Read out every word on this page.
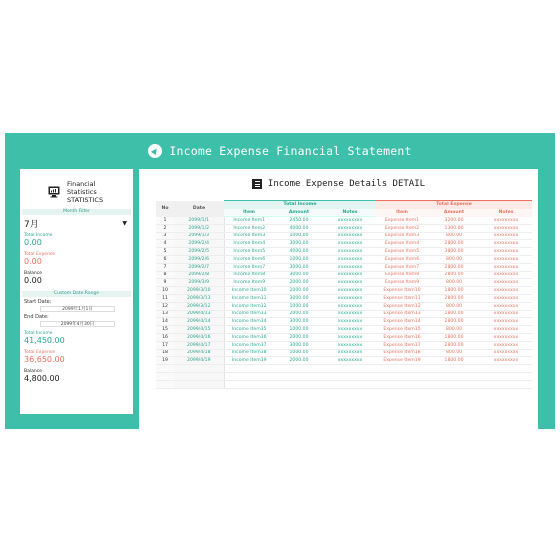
Income Expense Financial Statement
Financial
Statistics
STATISTICS
Month Filter
7月	▼
Total Income
0.00
Total Expense
0.00
Balance
0.00
Custom Date Range
Start Date:
2099年1月1日
End Date:
2099年4月30日
Total Income
41,450.00
Total Expense
36,650.00
Balance
4,800.00
Income Expense Details DETAIL
No	Date	Total Income			Total Expense		
		Item	Amount	Notes	Item	Amount	Notes
1	2099/1/1	Income Item1	2450.00	xxxxxxxxx	Expense Item1	3200.00	xxxxxxxxx
2	2099/1/2	Income Item2	4000.00	xxxxxxxxx	Expense Item2	1300.00	xxxxxxxxx
3	2099/1/3	Income Item3	1000.00	xxxxxxxxx	Expense Item3	800.00	xxxxxxxxx
4	2099/2/4	Income Item4	3000.00	xxxxxxxxx	Expense Item4	2800.00	xxxxxxxxx
5	2099/2/5	Income Item5	4000.00	xxxxxxxxx	Expense Item5	3800.00	xxxxxxxxx
6	2099/2/6	Income Item6	1000.00	xxxxxxxxx	Expense Item6	800.00	xxxxxxxxx
7	2099/2/7	Income Item7	3000.00	xxxxxxxxx	Expense Item7	2800.00	xxxxxxxxx
8	2099/2/8	Income Item8	3000.00	xxxxxxxxx	Expense Item8	2800.00	xxxxxxxxx
9	2099/3/9	Income Item9	2000.00	xxxxxxxxx	Expense Item9	800.00	xxxxxxxxx
10	2099/3/10	Income Item10	2000.00	xxxxxxxxx	Expense Item10	1800.00	xxxxxxxxx
11	2099/3/13	Income Item11	3000.00	xxxxxxxxx	Expense Item11	2800.00	xxxxxxxxx
12	2099/3/12	Income Item12	1000.00	xxxxxxxxx	Expense Item12	800.00	xxxxxxxxx
13	2099/4/13	Income Item13	2000.00	xxxxxxxxx	Expense Item13	1800.00	xxxxxxxxx
14	2099/4/14	Income Item14	3000.00	xxxxxxxxx	Expense Item14	2800.00	xxxxxxxxx
15	2099/4/15	Income Item15	1000.00	xxxxxxxxx	Expense Item15	800.00	xxxxxxxxx
16	2099/4/16	Income Item16	2000.00	xxxxxxxxx	Expense Item16	1800.00	xxxxxxxxx
17	2099/4/17	Income Item17	3000.00	xxxxxxxxx	Expense Item17	2800.00	xxxxxxxxx
18	2099/4/18	Income Item18	1000.00	xxxxxxxxx	Expense Item18	800.00	xxxxxxxxx
19	2099/4/19	Income Item19	2000.00	xxxxxxxxx	Expense Item19	1800.00	xxxxxxxxx
